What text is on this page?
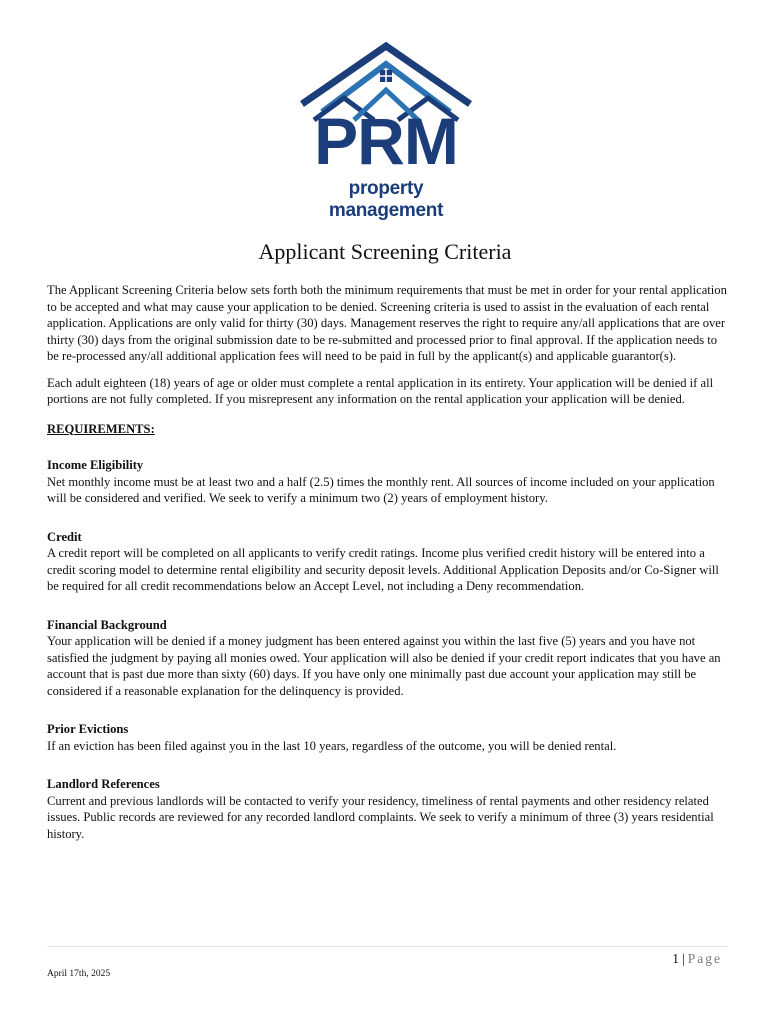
PRM
property management
Applicant Screening Criteria

The Applicant Screening Criteria below sets forth both the minimum requirements that must be met in order for your rental application to be accepted and what may cause your application to be denied. Screening criteria is used to assist in the evaluation of each rental application. Applications are only valid for thirty (30) days. Management reserves the right to require any/all applications that are over thirty (30) days from the original submission date to be re-submitted and processed prior to final approval. If the application needs to be re-processed any/all additional application fees will need to be paid in full by the applicant(s) and applicable guarantor(s).

Each adult eighteen (18) years of age or older must complete a rental application in its entirety. Your application will be denied if all portions are not fully completed. If you misrepresent any information on the rental application your application will be denied.

REQUIREMENTS:

Income Eligibility

Net monthly income must be at least two and a half (2.5) times the monthly rent. All sources of income included on your application will be considered and verified. We seek to verify a minimum two (2) years of employment history.

Credit

A credit report will be completed on all applicants to verify credit ratings. Income plus verified credit history will be entered into a credit scoring model to determine rental eligibility and security deposit levels. Additional Application Deposits and/or Co-Signer will be required for all credit recommendations below an Accept Level, not including a Deny recommendation.

Financial Background

Your application will be denied if a money judgment has been entered against you within the last five (5) years and you have not satisfied the judgment by paying all monies owed. Your application will also be denied if your credit report indicates that you have an account that is past due more than sixty (60) days. If you have only one minimally past due account your application may still be considered if a reasonable explanation for the delinquency is provided.

Prior Evictions

If an eviction has been filed against you in the last 10 years, regardless of the outcome, you will be denied rental.

Landlord References

Current and previous landlords will be contacted to verify your residency, timeliness of rental payments and other residency related issues. Public records are reviewed for any recorded landlord complaints. We seek to verify a minimum of three (3) years residential history.

1 | Page
April 17th, 2025
